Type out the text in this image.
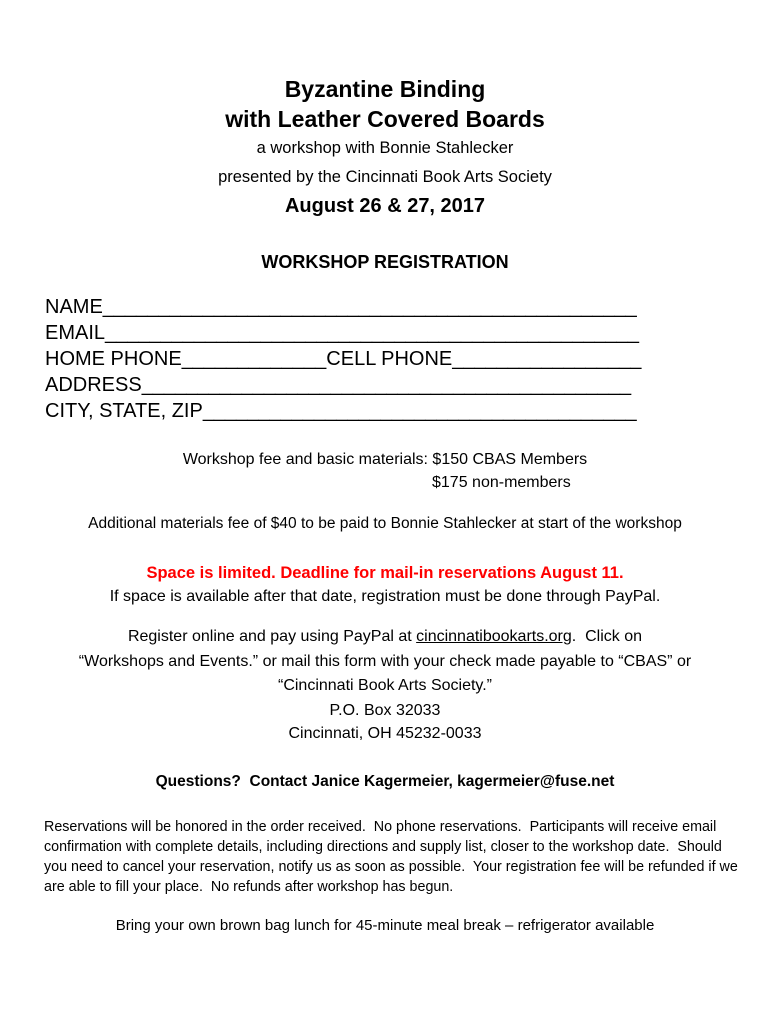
Byzantine Binding
with Leather Covered Boards

a workshop with Bonnie Stahlecker

presented by the Cincinnati Book Arts Society

August 26 & 27, 2017

WORKSHOP REGISTRATION

NAME________________________________________________
EMAIL________________________________________________
HOME PHONE_____________CELL PHONE_________________
ADDRESS____________________________________________
CITY, STATE, ZIP_______________________________________

Workshop fee and basic materials: $150 CBAS Members

$175 non-members

Additional materials fee of $40 to be paid to Bonnie Stahlecker at start of the workshop

Space is limited. Deadline for mail-in reservations August 11.

If space is available after that date, registration must be done through PayPal.

Register online and pay using PayPal at cincinnatibookarts.org.  Click on
“Workshops and Events.” or mail this form with your check made payable to “CBAS” or
“Cincinnati Book Arts Society.”
P.O. Box 32033
Cincinnati, OH 45232-0033

Questions?  Contact Janice Kagermeier, kagermeier@fuse.net

Reservations will be honored in the order received.  No phone reservations.  Participants will receive email
confirmation with complete details, including directions and supply list, closer to the workshop date.  Should
you need to cancel your reservation, notify us as soon as possible.  Your registration fee will be refunded if we
are able to fill your place.  No refunds after workshop has begun.

Bring your own brown bag lunch for 45-minute meal break – refrigerator available
